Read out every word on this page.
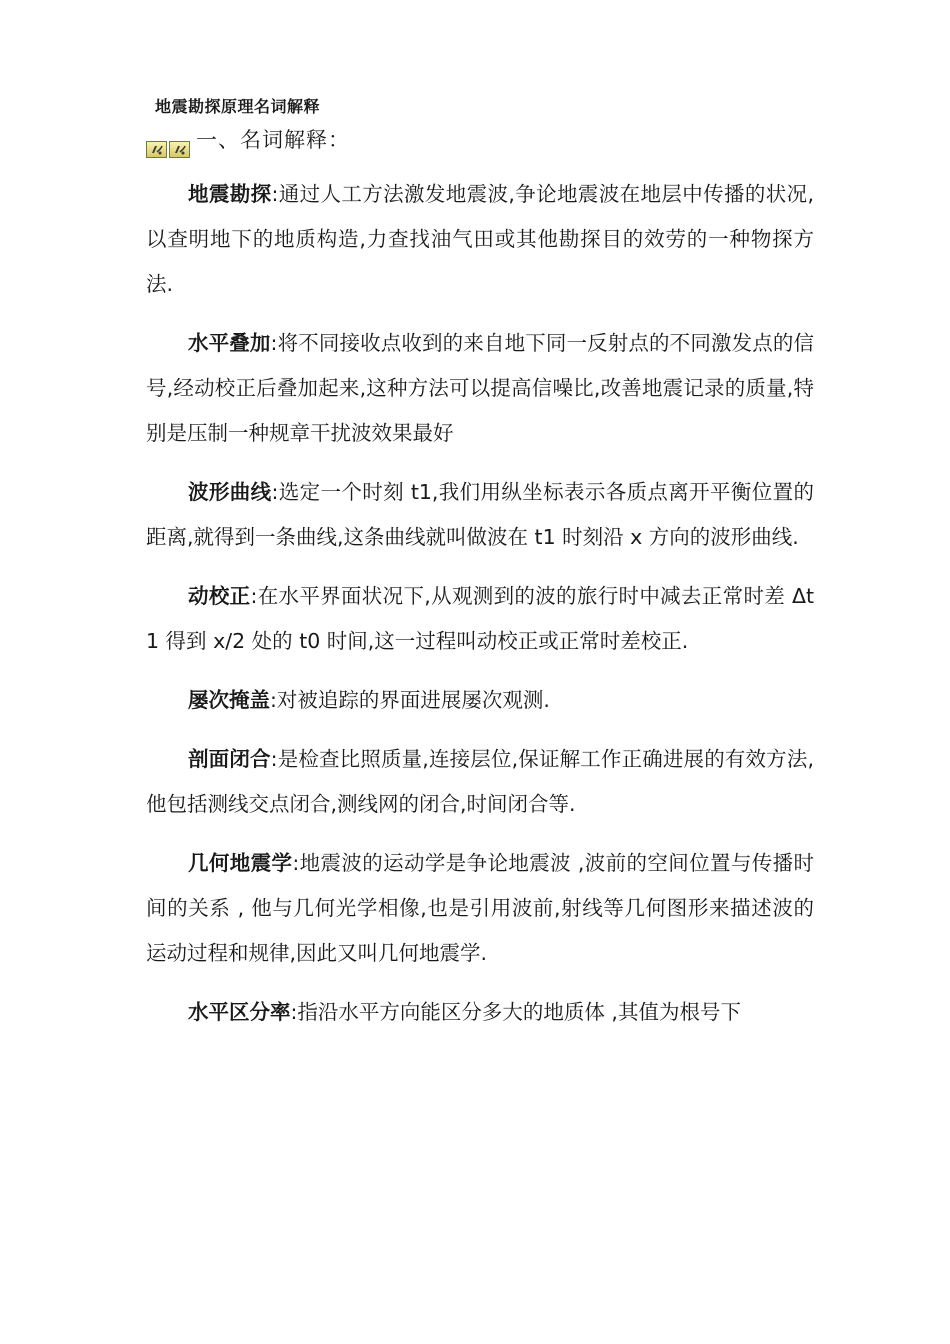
地震勘探原理名词解释
一、名词解释：

地震勘探:通过人工方法激发地震波,争论地震波在地层中传播的状况,以查明地下的地质构造,力查找油气田或其他勘探目的效劳的一种物探方法.

水平叠加:将不同接收点收到的来自地下同一反射点的不同激发点的信号,经动校正后叠加起来,这种方法可以提高信噪比,改善地震记录的质量,特别是压制一种规章干扰波效果最好

波形曲线:选定一个时刻 t1,我们用纵坐标表示各质点离开平衡位置的距离,就得到一条曲线,这条曲线就叫做波在 t1 时刻沿 x 方向的波形曲线.

动校正:在水平界面状况下,从观测到的波的旅行时中减去正常时差 Δt1 得到 x/2 处的 t0 时间,这一过程叫动校正或正常时差校正.

屡次掩盖:对被追踪的界面进展屡次观测.

剖面闭合:是检查比照质量,连接层位,保证解工作正确进展的有效方法,他包括测线交点闭合,测线网的闭合,时间闭合等.

几何地震学:地震波的运动学是争论地震波 ,波前的空间位置与传播时间的关系 , 他与几何光学相像,也是引用波前,射线等几何图形来描述波的运动过程和规律,因此又叫几何地震学.

水平区分率:指沿水平方向能区分多大的地质体 ,其值为根号下
